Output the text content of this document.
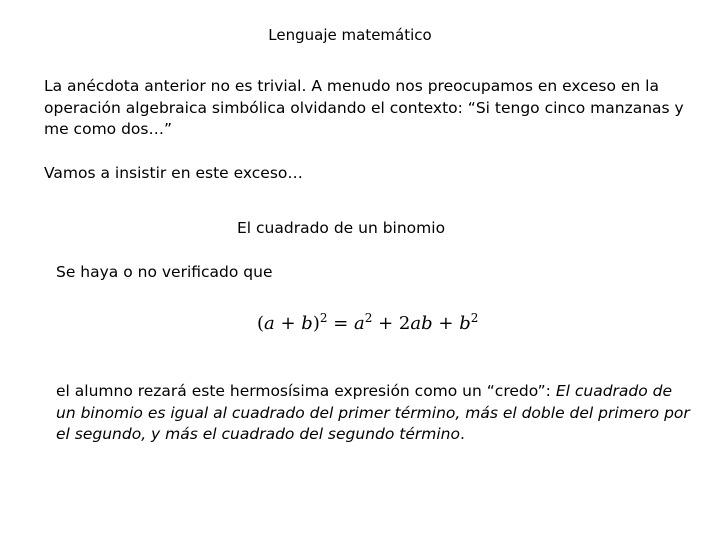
Lenguaje matemático
La anécdota anterior no es trivial. A menudo nos preocupamos en exceso en la
operación algebraica simbólica olvidando el contexto: “Si tengo cinco manzanas y
me como dos…”
Vamos a insistir en este exceso…
El cuadrado de un binomio
Se haya o no verificado que
$(a + b)^2 = a^2 + 2ab + b^2$
el alumno rezará este hermosísima expresión como un “credo”: El cuadrado de
un binomio es igual al cuadrado del primer término, más el doble del primero por
el segundo, y más el cuadrado del segundo término.
